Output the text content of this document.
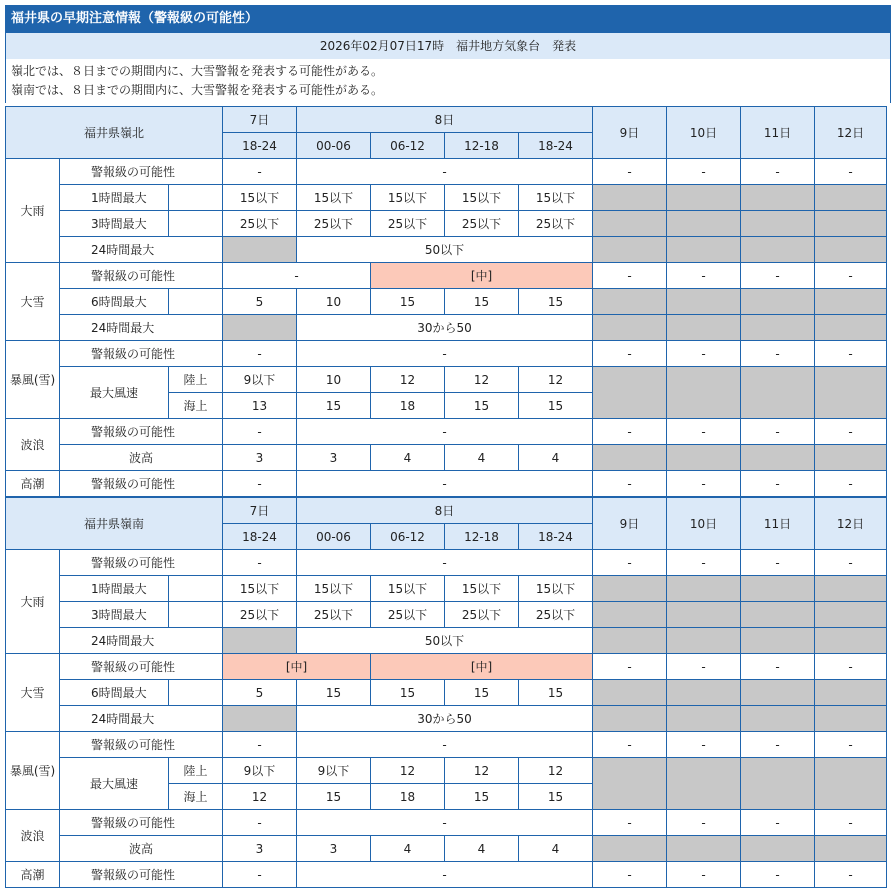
福井県の早期注意情報（警報級の可能性）
2026年02月07日17時　福井地方気象台　発表
嶺北では、８日までの期間内に、大雪警報を発表する可能性がある。
嶺南では、８日までの期間内に、大雪警報を発表する可能性がある。
福井県嶺北			7日	8日				9日	10日	11日	12日
			18-24	00-06	06-12	12-18	18-24				
大雨	警報級の可能性		-	-				-	-	-	-
	1時間最大		15以下	15以下	15以下	15以下	15以下				
	3時間最大		25以下	25以下	25以下	25以下	25以下				
	24時間最大			50以下							
大雪	警報級の可能性		-		[中]			-	-	-	-
	6時間最大		5	10	15	15	15				
	24時間最大			30から50							
暴風(雪)	警報級の可能性		-	-				-	-	-	-
	最大風速	陸上	9以下	10	12	12	12				
		海上	13	15	18	15	15				
波浪	警報級の可能性		-	-				-	-	-	-
	波高		3	3	4	4	4				
高潮	警報級の可能性		-	-				-	-	-	-
福井県嶺南			7日	8日				9日	10日	11日	12日
			18-24	00-06	06-12	12-18	18-24				
大雨	警報級の可能性		-	-				-	-	-	-
	1時間最大		15以下	15以下	15以下	15以下	15以下				
	3時間最大		25以下	25以下	25以下	25以下	25以下				
	24時間最大			50以下							
大雪	警報級の可能性		[中]		[中]			-	-	-	-
	6時間最大		5	15	15	15	15				
	24時間最大			30から50							
暴風(雪)	警報級の可能性		-	-				-	-	-	-
	最大風速	陸上	9以下	9以下	12	12	12				
		海上	12	15	18	15	15				
波浪	警報級の可能性		-	-				-	-	-	-
	波高		3	3	4	4	4				
高潮	警報級の可能性		-	-				-	-	-	-
